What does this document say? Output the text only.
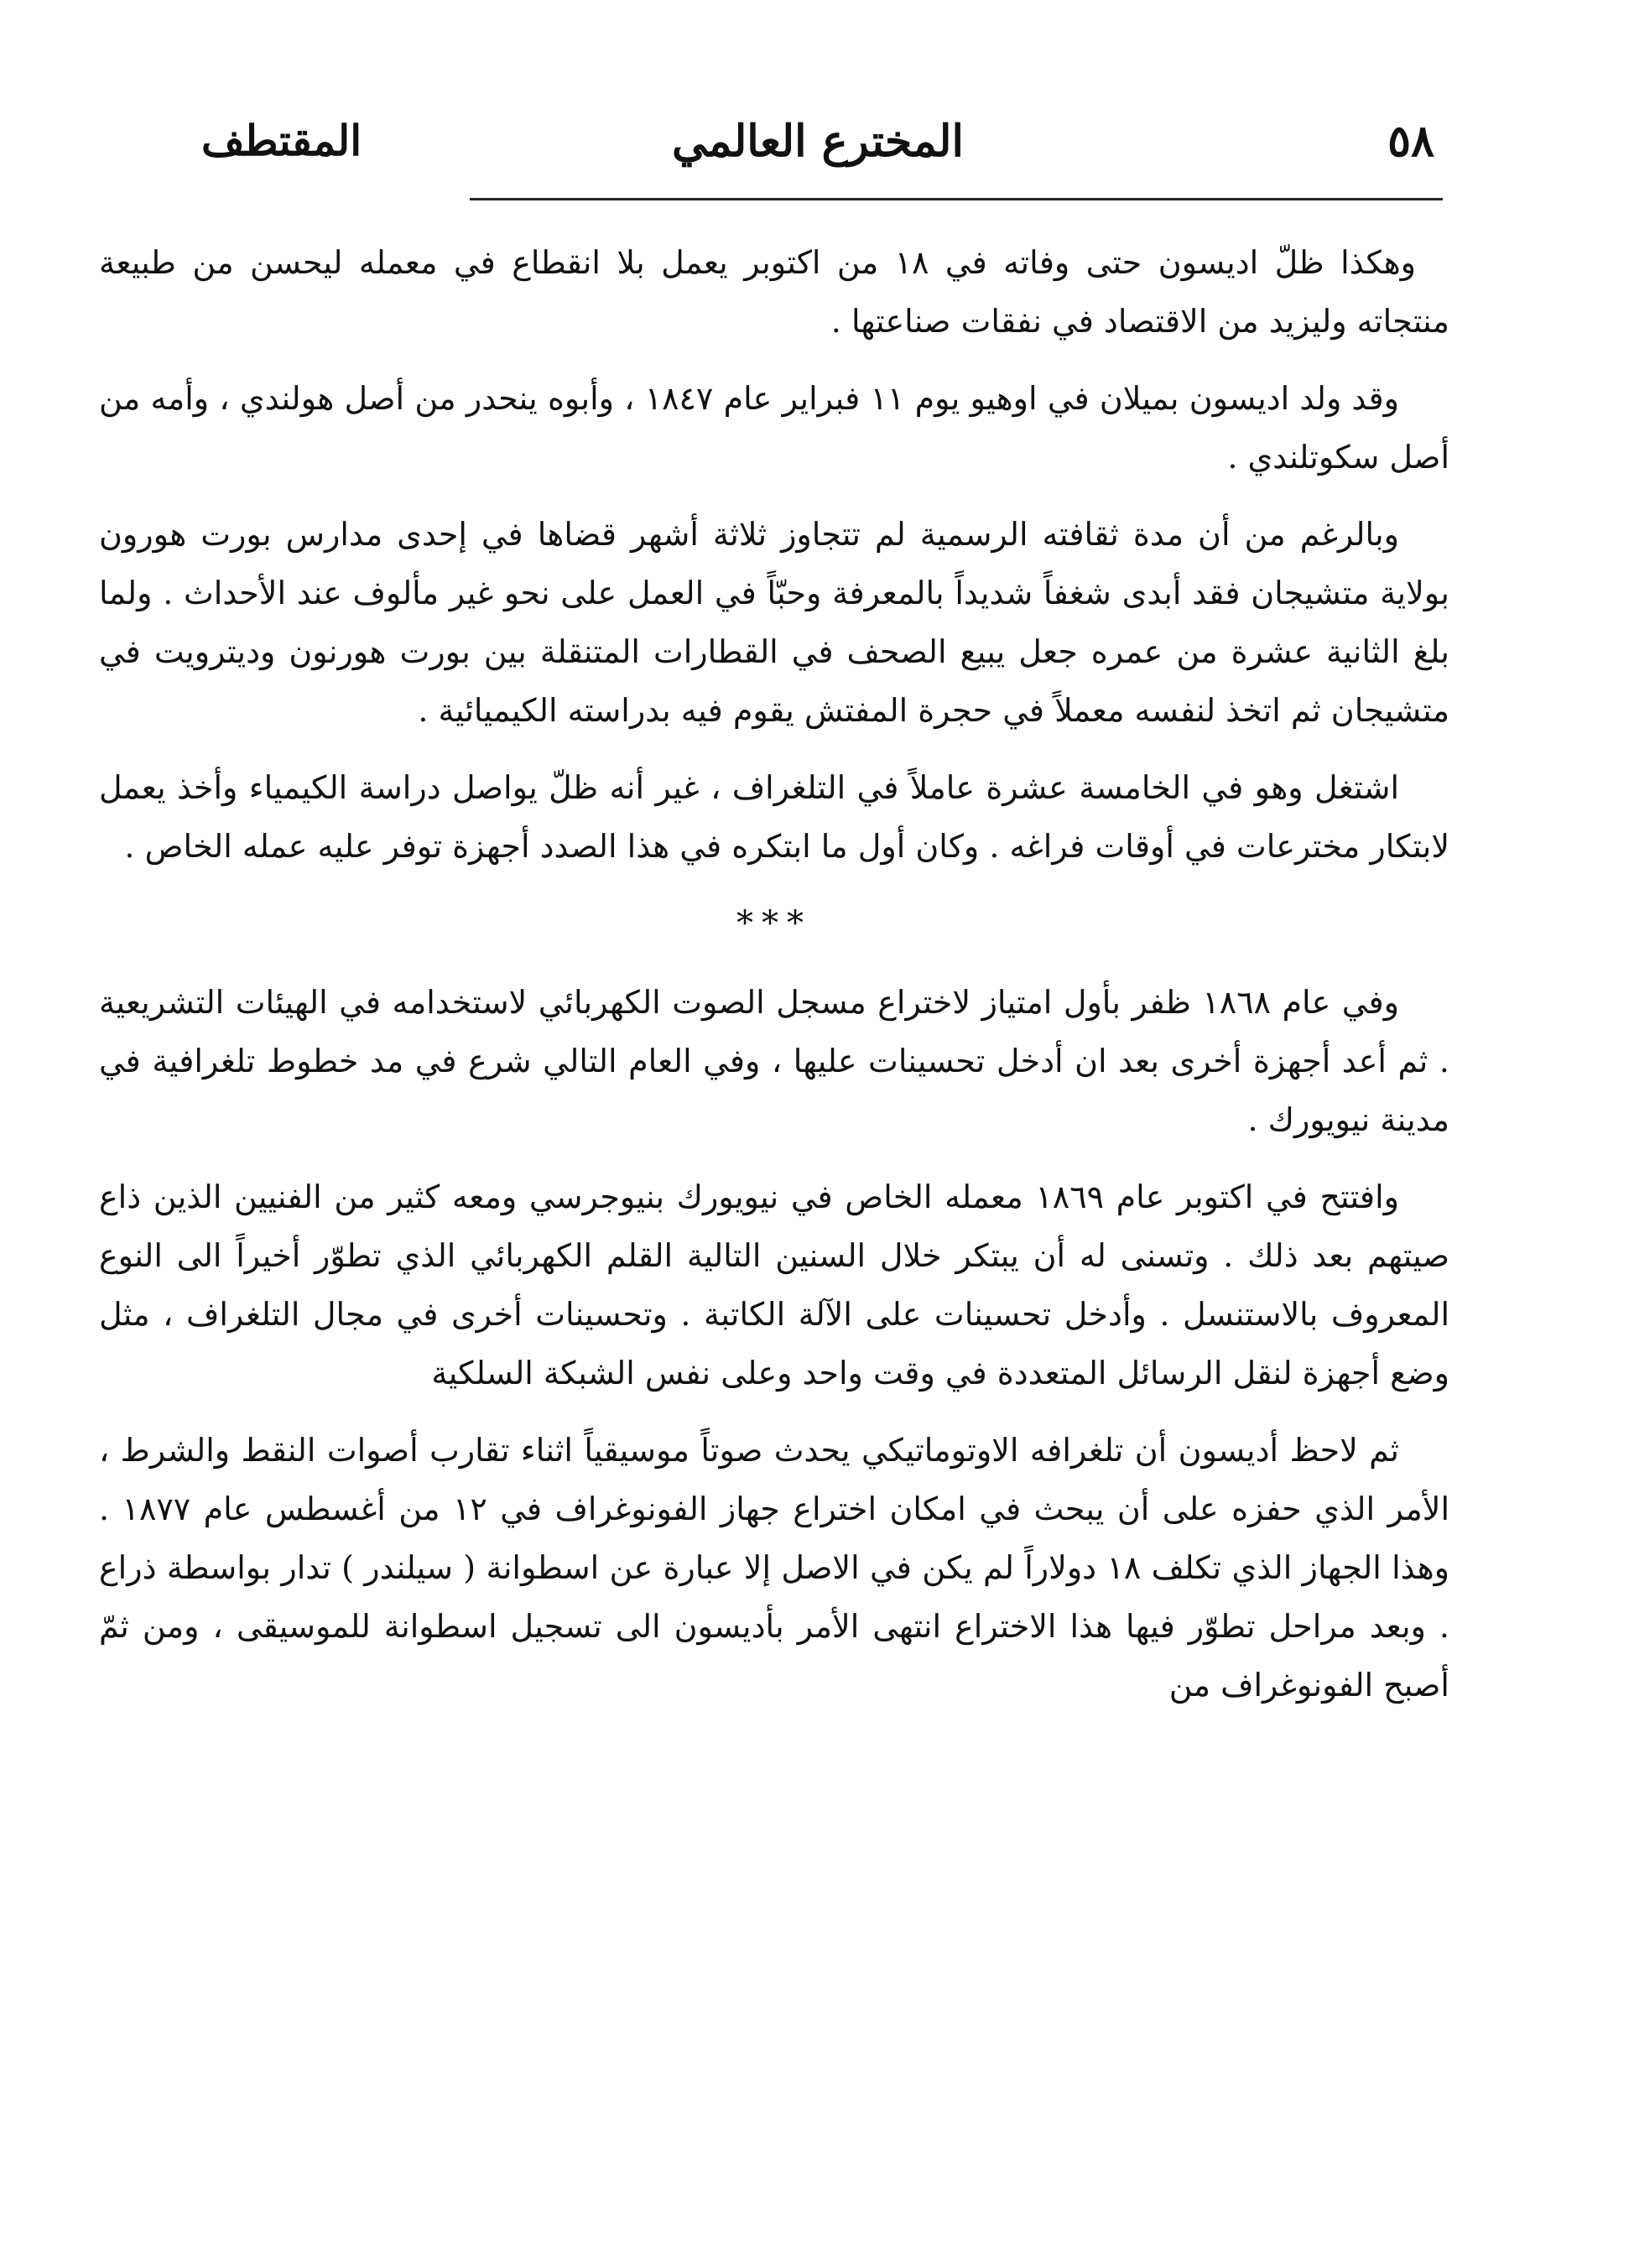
٥٨
المخترع العالمي
المقتطف

وهكذا ظلّ اديسون حتى وفاته في ١٨ من اكتوبر يعمل بلا انقطاع في معمله ليحسن من طبيعة منتجاته وليزيد من الاقتصاد في نفقات صناعتها .

وقد ولد اديسون بميلان في اوهيو يوم ١١ فبراير عام ١٨٤٧ ، وأبوه ينحدر من أصل هولندي ، وأمه من أصل سكوتلندي .

وبالرغم من أن مدة ثقافته الرسمية لم تتجاوز ثلاثة أشهر قضاها في إحدى مدارس بورت هورون بولاية متشيجان فقد أبدى شغفاً شديداً بالمعرفة وحبّاً في العمل على نحو غير مألوف عند الأحداث . ولما بلغ الثانية عشرة من عمره جعل يبيع الصحف في القطارات المتنقلة بين بورت هورنون وديترويت في متشيجان ثم اتخذ لنفسه معملاً في حجرة المفتش يقوم فيه بدراسته الكيميائية .

اشتغل وهو في الخامسة عشرة عاملاً في التلغراف ، غير أنه ظلّ يواصل دراسة الكيمياء وأخذ يعمل لابتكار مخترعات في أوقات فراغه . وكان أول ما ابتكره في هذا الصدد أجهزة توفر عليه عمله الخاص .

***

وفي عام ١٨٦٨ ظفر بأول امتياز لاختراع مسجل الصوت الكهربائي لاستخدامه في الهيئات التشريعية . ثم أعد أجهزة أخرى بعد ان أدخل تحسينات عليها ، وفي العام التالي شرع في مد خطوط تلغرافية في مدينة نيويورك .

وافتتح في اكتوبر عام ١٨٦٩ معمله الخاص في نيويورك بنيوجرسي ومعه كثير من الفنيين الذين ذاع صيتهم بعد ذلك . وتسنى له أن يبتكر خلال السنين التالية القلم الكهربائي الذي تطوّر أخيراً الى النوع المعروف بالاستنسل . وأدخل تحسينات على الآلة الكاتبة . وتحسينات أخرى في مجال التلغراف ، مثل وضع أجهزة لنقل الرسائل المتعددة في وقت واحد وعلى نفس الشبكة السلكية

ثم لاحظ أديسون أن تلغرافه الاوتوماتيكي يحدث صوتاً موسيقياً اثناء تقارب أصوات النقط والشرط ، الأمر الذي حفزه على أن يبحث في امكان اختراع جهاز الفونوغراف في ١٢ من أغسطس عام ١٨٧٧ . وهذا الجهاز الذي تكلف ١٨ دولاراً لم يكن في الاصل إلا عبارة عن اسطوانة ( سيلندر ) تدار بواسطة ذراع . وبعد مراحل تطوّر فيها هذا الاختراع انتهى الأمر بأديسون الى تسجيل اسطوانة للموسيقى ، ومن ثمّ أصبح الفونوغراف من
